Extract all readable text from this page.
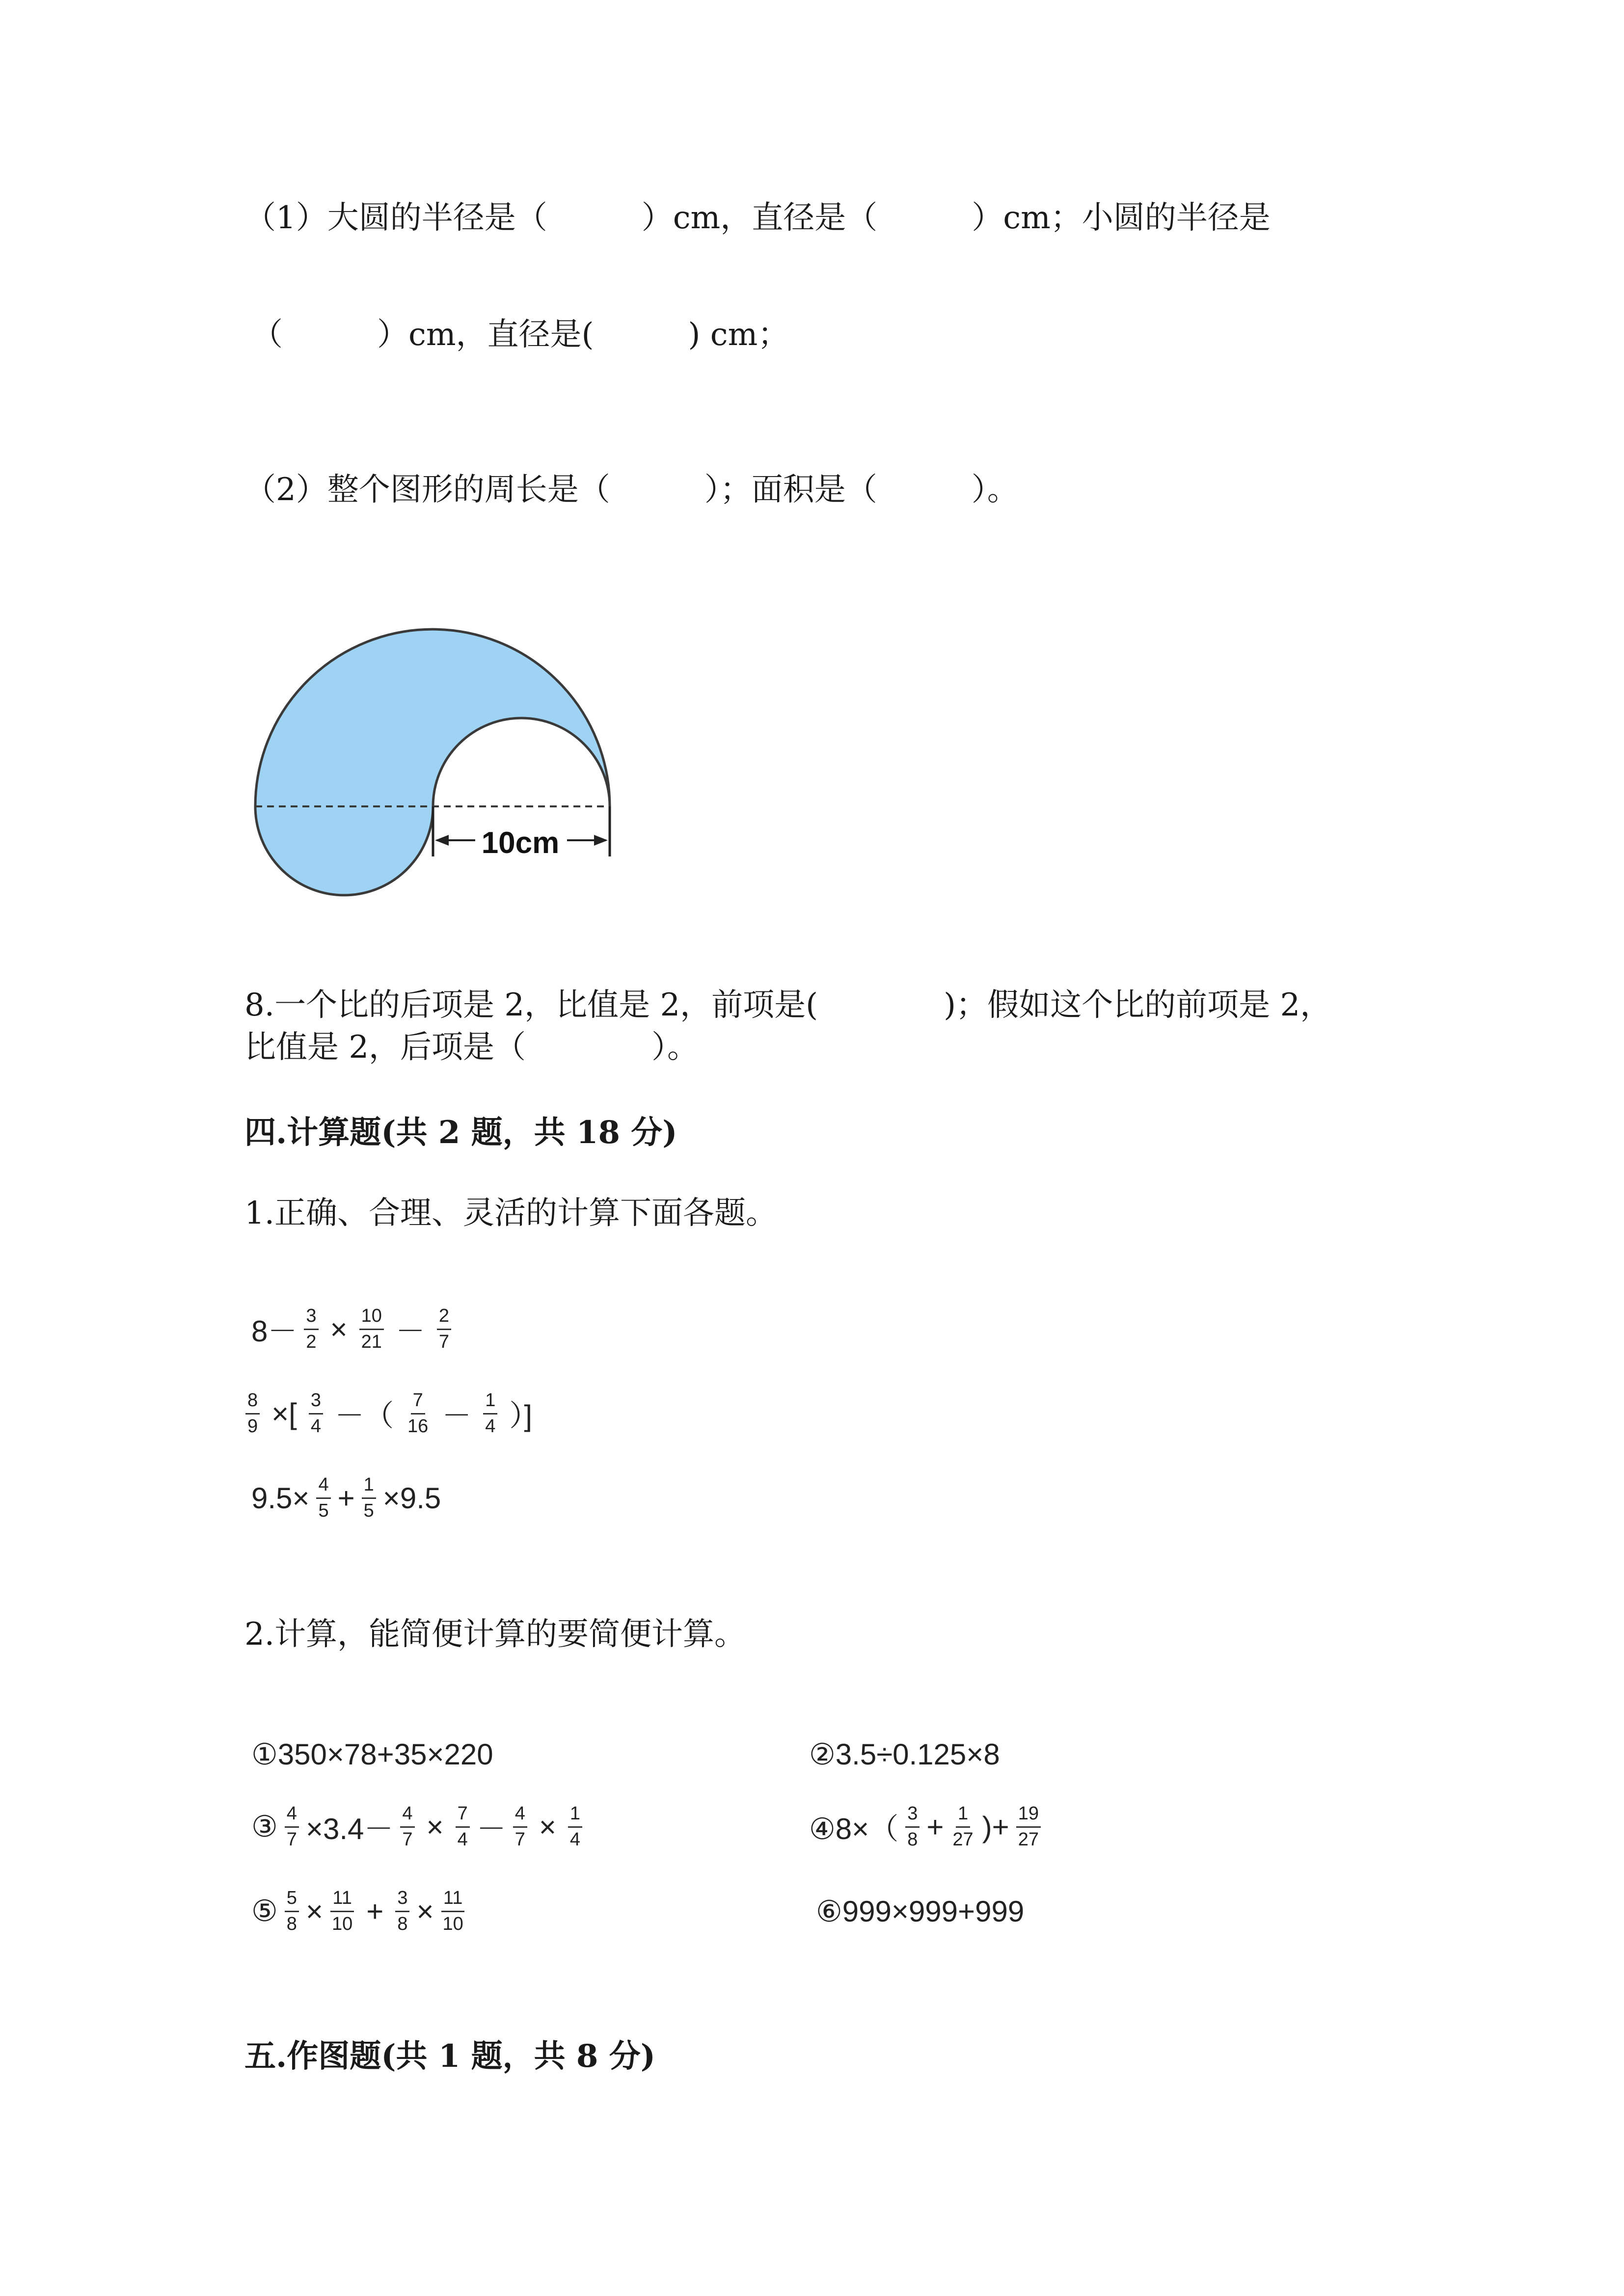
（1）大圆的半径是（　　　）cm，直径是（　　　）cm；小圆的半径是
（　　　）cm，直径是(　　　) cm；
（2）整个图形的周长是（　　　）；面积是（　　　）。
10cm
8.一个比的后项是 2，比值是 2，前项是(　　　　)；假如这个比的前项是 2，
比值是 2，后项是（　　　　）。
四.计算题(共 2 题，共 18 分)
1.正确、合理、灵活的计算下面各题。
$8- \frac{3}{2} \times \frac{10}{21} - \frac{2}{7}$
$\frac{8}{9}$ ×[ $\frac{3}{4}$ －（ $\frac{7}{16} - \frac{1}{4}$ ）]
$9.5\times \frac{4}{5} + \frac{1}{5} \times 9.5$
2.计算，能简便计算的要简便计算。
①350×78+35×220	②3.5÷0.125×8
③ $\frac{4}{7} \times 3.4- \frac{4}{7} \times \frac{7}{4} - \frac{4}{7} \times \frac{1}{4}$	④8×（ $\frac{3}{8} + \frac{1}{27}$ )+ $\frac{19}{27}$
⑤ $\frac{5}{8} \times \frac{11}{10} + \frac{3}{8} \times \frac{11}{10}$	⑥999×999+999
五.作图题(共 1 题，共 8 分)
